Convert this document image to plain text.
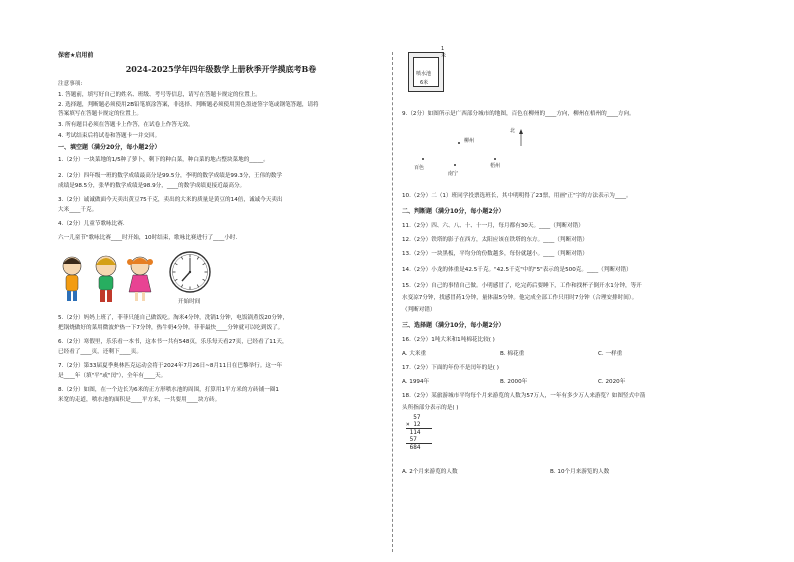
保密★启用前
2024-2025学年四年级数学上册秋季开学摸底考B卷
注意事项:
1. 答题前，填写好自己的姓名、班级、考号等信息，请写在答题卡规定的位置上。
2. 选择题，判断题必须使用2B铅笔填涂答案，非选择、判断题必须使用黑色墨迹签字笔或钢笔答题，请将
答案填写在答题卡规定的位置上。
3. 所有题目必须在答题卡上作答，在试卷上作答无效。
4. 考试结束后将试卷和答题卡一并交回。
一、填空题（满分20分，每小题2分）
1.（2分）一块菜地的1/5种了萝卜，剩下的种白菜，种白菜的地占整块菜地的_____。
2.（2分）四年级一班的数学成绩最高分是99.5分，李明的数学成绩是99.3分，王伟的数学
成绩是98.5分，张华的数学成绩是98.9分，____的数学成绩更接近最高分。
3.（2分）诚诚做面今天卖出黄豆75千克，卖出的大米的质量是黄豆的14倍，诚诚今天卖出
大米____千克。
4.（2分）儿童节歌咏比赛.
六一儿童节"歌咏比赛____时开始，10时结束，歌咏比赛进行了____小时.
开始时间
5.（2分）妈妈上班了，菲菲只能自己做饭吃。淘米4分钟，洗锅1分钟，电饭锅煮饭20分钟，
把锅烧做好的菜用微波炉热一下7分钟，热牛奶4分钟。菲菲最快____分钟就可以吃到饭了。
6.（2分）寒假里，乐乐看一本书，这本书一共有548页，乐乐每天看27页，已经看了11天，
已经看了____页，还剩下____页。
7.（2分）第33届夏季奥林匹克运动会将于2024年7月26日~8月11日在巴黎举行。这一年
是____年（填"平"或"闰"），全年有____天。
8.（2分）如图，在一个边长为6米的正方形喷水池的周围，打算用1平方米的方砖铺一圈1
米宽的走道，喷水池的面积是____平方米，一共要用____块方砖。
1米
喷水池
6米
9.（2分）如图所示是广西部分城市的地图，百色在柳州的____方向，柳州在梧州的____方向。
柳州
百色
南宁
梧州
北
10.（2分）二（1）班同学投票选班长，其中明明得了23票，用画"正"字的方法表示为____。
二、判断题（满分10分，每小题2分）
11.（2分）四、六、八、十、十一月，每月都有30天。____（判断对错）
12.（2分）铁塔的影子在西方，太阳应该在铁塔的东方。____（判断对错）
13.（2分）一块黑板，平均分的份数越多，每份就越小。____（判断对错）
14.（2分）小龙的体重是42.5千克。"42.5千克"中的"5"表示的是500克。____（判断对错）
15.（2分）自己的事情自己做。小明感冒了，吃完药后要睡下，工作和找杯子倒开水1分钟，等开
水变凉7分钟，找感冒药1分钟，量体温5分钟。他完成全部工作只用时7分钟（合理安排时间）。
（判断对错）
三、选择题（满分10分，每小题2分）
16.（2分）1吨大米和1吨棉花比较( )
A. 大米重	B. 棉花重	C. 一样重
17.（2分）下面的年份不是闰年的是( )
A. 1994年	B. 2000年	C. 2020年
18.（2分）某旅游城市平均每个月来游览的人数为57万人，一年有多少万人来游览？如图竖式中箭
头所指部分表示的是( )
57
× 12
114
57
684
A. 2个月来游览的人数	B. 10个月来游览的人数
